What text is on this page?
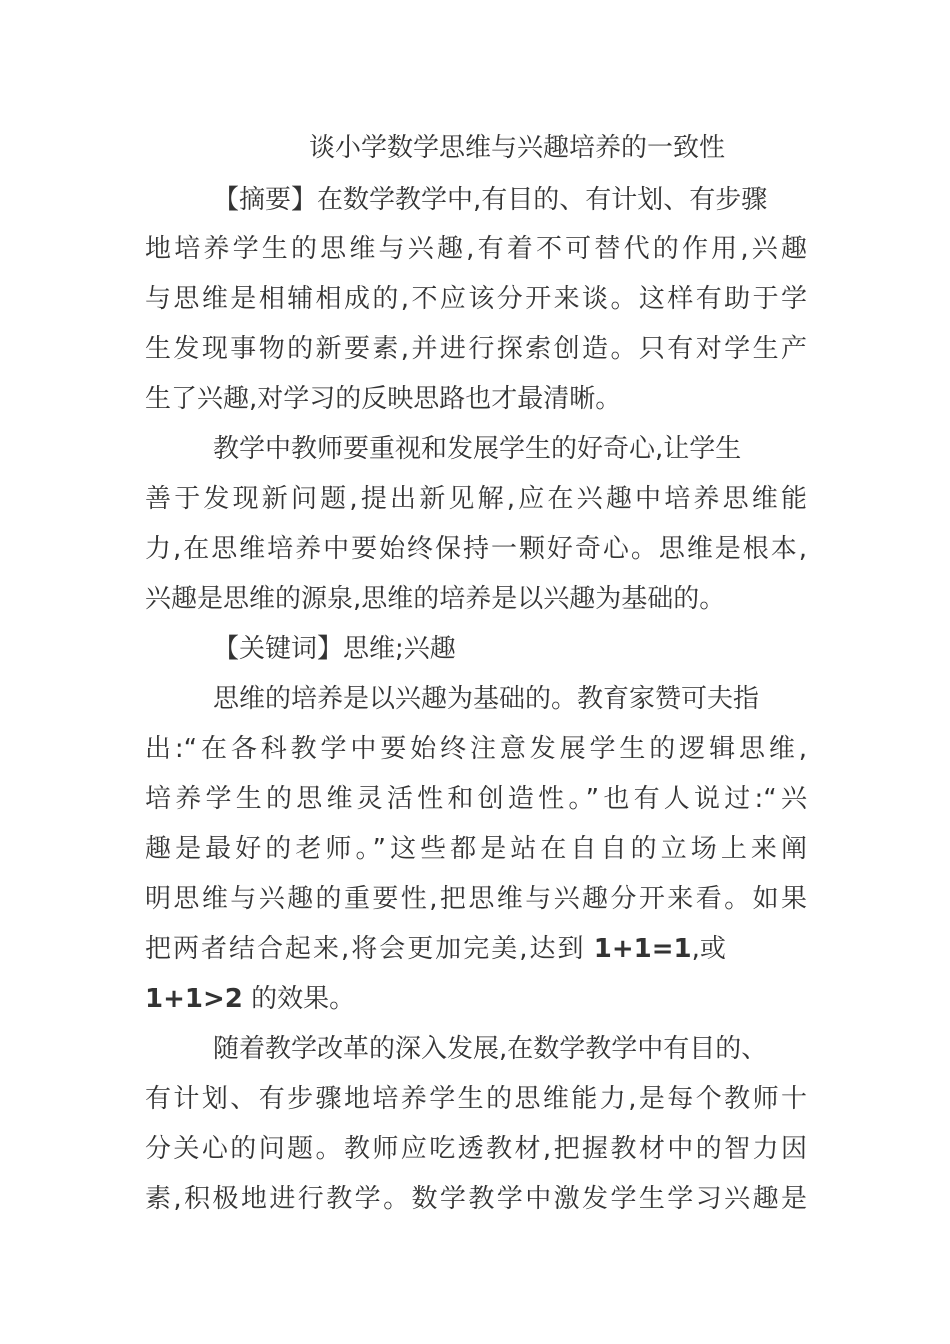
谈小学数学思维与兴趣培养的一致性
【摘要】在数学教学中,有目的、有计划、有步骤
地培养学生的思维与兴趣,有着不可替代的作用,兴趣
与思维是相辅相成的,不应该分开来谈。这样有助于学
生发现事物的新要素,并进行探索创造。只有对学生产
生了兴趣,对学习的反映思路也才最清晰。
教学中教师要重视和发展学生的好奇心,让学生
善于发现新问题,提出新见解,应在兴趣中培养思维能
力,在思维培养中要始终保持一颗好奇心。思维是根本,
兴趣是思维的源泉,思维的培养是以兴趣为基础的。
【关键词】思维;兴趣
思维的培养是以兴趣为基础的。教育家赞可夫指
出:“在各科教学中要始终注意发展学生的逻辑思维,
培养学生的思维灵活性和创造性。”也有人说过:“兴
趣是最好的老师。”这些都是站在自自的立场上来阐
明思维与兴趣的重要性,把思维与兴趣分开来看。如果
把两者结合起来,将会更加完美,达到 1+1=1,或
1+1>2 的效果。
随着教学改革的深入发展,在数学教学中有目的、
有计划、有步骤地培养学生的思维能力,是每个教师十
分关心的问题。教师应吃透教材,把握教材中的智力因
素,积极地进行教学。数学教学中激发学生学习兴趣是
